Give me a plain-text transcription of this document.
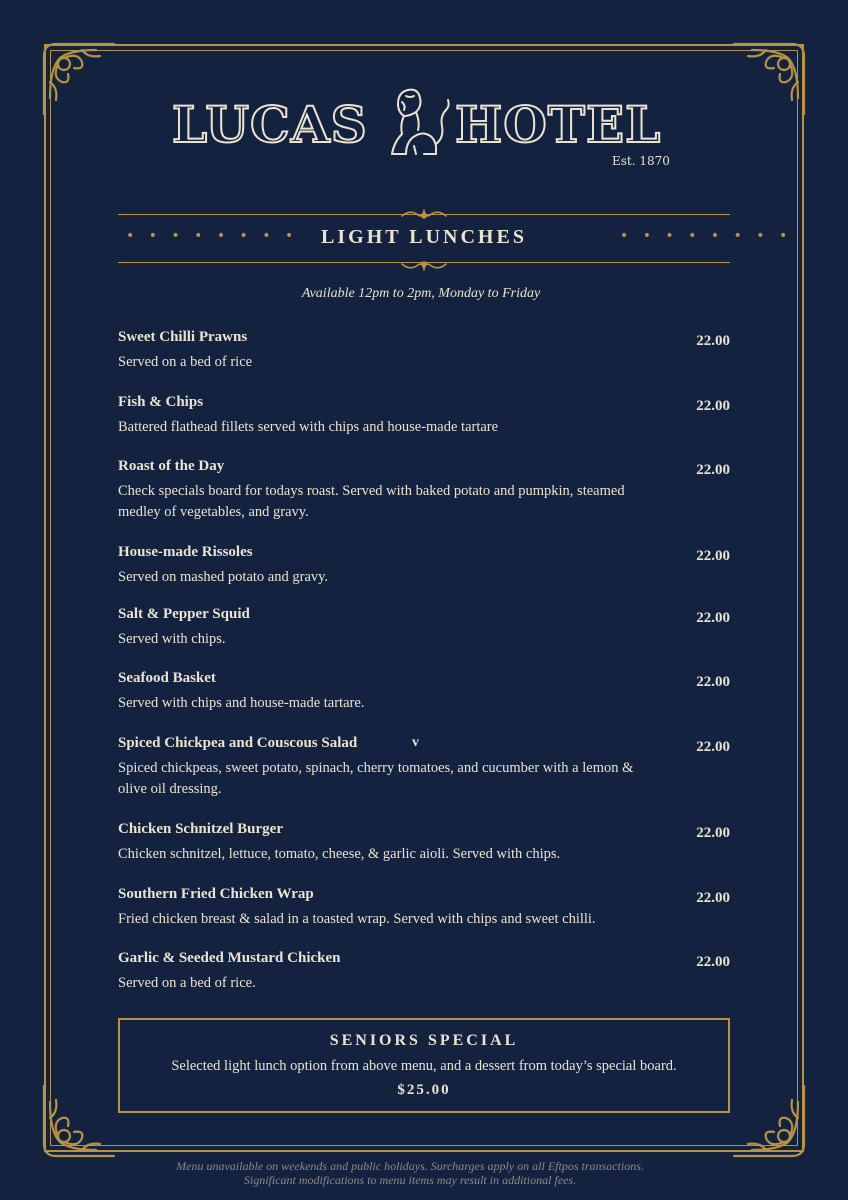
LUCAS HOTEL
Est. 1870
• • • • • • • •	LIGHT LUNCHES	• • • • • • • •
Available 12pm to 2pm, Monday to Friday
Sweet Chilli Prawns	22.00
Served on a bed of rice
Fish & Chips	22.00
Battered flathead fillets served with chips and house-made tartare
Roast of the Day	22.00
Check specials board for todays roast. Served with baked potato and pumpkin, steamed medley of vegetables, and gravy.
House-made Rissoles	22.00
Served on mashed potato and gravy.
Salt & Pepper Squid	22.00
Served with chips.
Seafood Basket	22.00
Served with chips and house-made tartare.
Spiced Chickpea and Couscous Salad	v	22.00
Spiced chickpeas, sweet potato, spinach, cherry tomatoes, and cucumber with a lemon & olive oil dressing.
Chicken Schnitzel Burger	22.00
Chicken schnitzel, lettuce, tomato, cheese, & garlic aioli. Served with chips.
Southern Fried Chicken Wrap	22.00
Fried chicken breast & salad in a toasted wrap. Served with chips and sweet chilli.
Garlic & Seeded Mustard Chicken	22.00
Served on a bed of rice.
SENIORS SPECIAL
Selected light lunch option from above menu, and a dessert from today’s special board.
$25.00
Menu unavailable on weekends and public holidays. Surcharges apply on all Eftpos transactions.
Significant modifications to menu items may result in additional fees.
